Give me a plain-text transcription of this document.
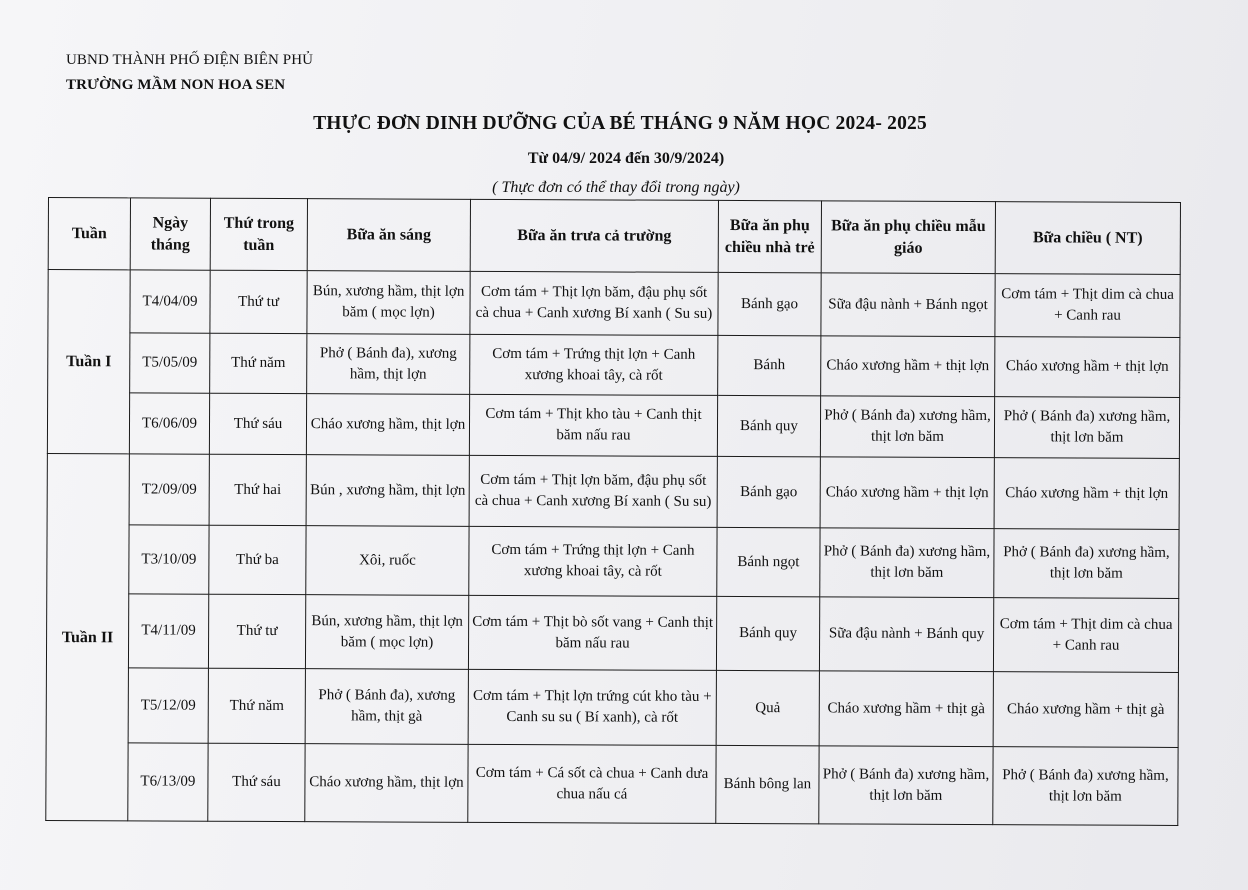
UBND THÀNH PHỐ ĐIỆN BIÊN PHỦ
TRƯỜNG MẦM NON HOA SEN
THỰC ĐƠN DINH DƯỠNG CỦA BÉ THÁNG 9 NĂM HỌC 2024- 2025
Từ 04/9/ 2024 đến 30/9/2024)
( Thực đơn có thể thay đổi trong ngày)
Tuần	Ngày tháng	Thứ trong tuần	Bữa ăn sáng	Bữa ăn trưa cả trường	Bữa ăn phụ chiều nhà trẻ	Bữa ăn phụ chiều mẫu giáo	Bữa chiều ( NT)
Tuần I	T4/04/09	Thứ tư	Bún, xương hầm, thịt lợn băm ( mọc lợn)	Cơm tám + Thịt lợn băm, đậu phụ sốt cà chua + Canh xương Bí xanh ( Su su)	Bánh gạo	Sữa đậu nành + Bánh ngọt	Cơm tám + Thịt dim cà chua + Canh rau
	T5/05/09	Thứ năm	Phở ( Bánh đa), xương hầm, thịt lợn	Cơm tám + Trứng thịt lợn + Canh xương khoai tây, cà rốt	Bánh	Cháo xương hầm + thịt lợn	Cháo xương hầm + thịt lợn
	T6/06/09	Thứ sáu	Cháo xương hầm, thịt lợn	Cơm tám + Thịt kho tàu + Canh thịt băm nấu rau	Bánh quy	Phở ( Bánh đa) xương hầm, thịt lơn băm	Phở ( Bánh đa) xương hầm, thịt lơn băm
Tuần II	T2/09/09	Thứ hai	Bún , xương hầm, thịt lợn	Cơm tám + Thịt lợn băm, đậu phụ sốt cà chua + Canh xương Bí xanh ( Su su)	Bánh gạo	Cháo xương hầm + thịt lợn	Cháo xương hầm + thịt lợn
	T3/10/09	Thứ ba	Xôi, ruốc	Cơm tám + Trứng thịt lợn + Canh xương khoai tây, cà rốt	Bánh ngọt	Phở ( Bánh đa) xương hầm, thịt lơn băm	Phở ( Bánh đa) xương hầm, thịt lơn băm
	T4/11/09	Thứ tư	Bún, xương hầm, thịt lợn băm ( mọc lợn)	Cơm tám + Thịt bò sốt vang + Canh thịt băm nấu rau	Bánh quy	Sữa đậu nành + Bánh quy	Cơm tám + Thịt dim cà chua + Canh rau
	T5/12/09	Thứ năm	Phở ( Bánh đa), xương hầm, thịt gà	Cơm tám + Thịt lợn trứng cút kho tàu + Canh su su ( Bí xanh), cà rốt	Quả	Cháo xương hầm + thịt gà	Cháo xương hầm + thịt gà
	T6/13/09	Thứ sáu	Cháo xương hầm, thịt lợn	Cơm tám + Cá sốt cà chua + Canh dưa chua nấu cá	Bánh bông lan	Phở ( Bánh đa) xương hầm, thịt lơn băm	Phở ( Bánh đa) xương hầm, thịt lơn băm
